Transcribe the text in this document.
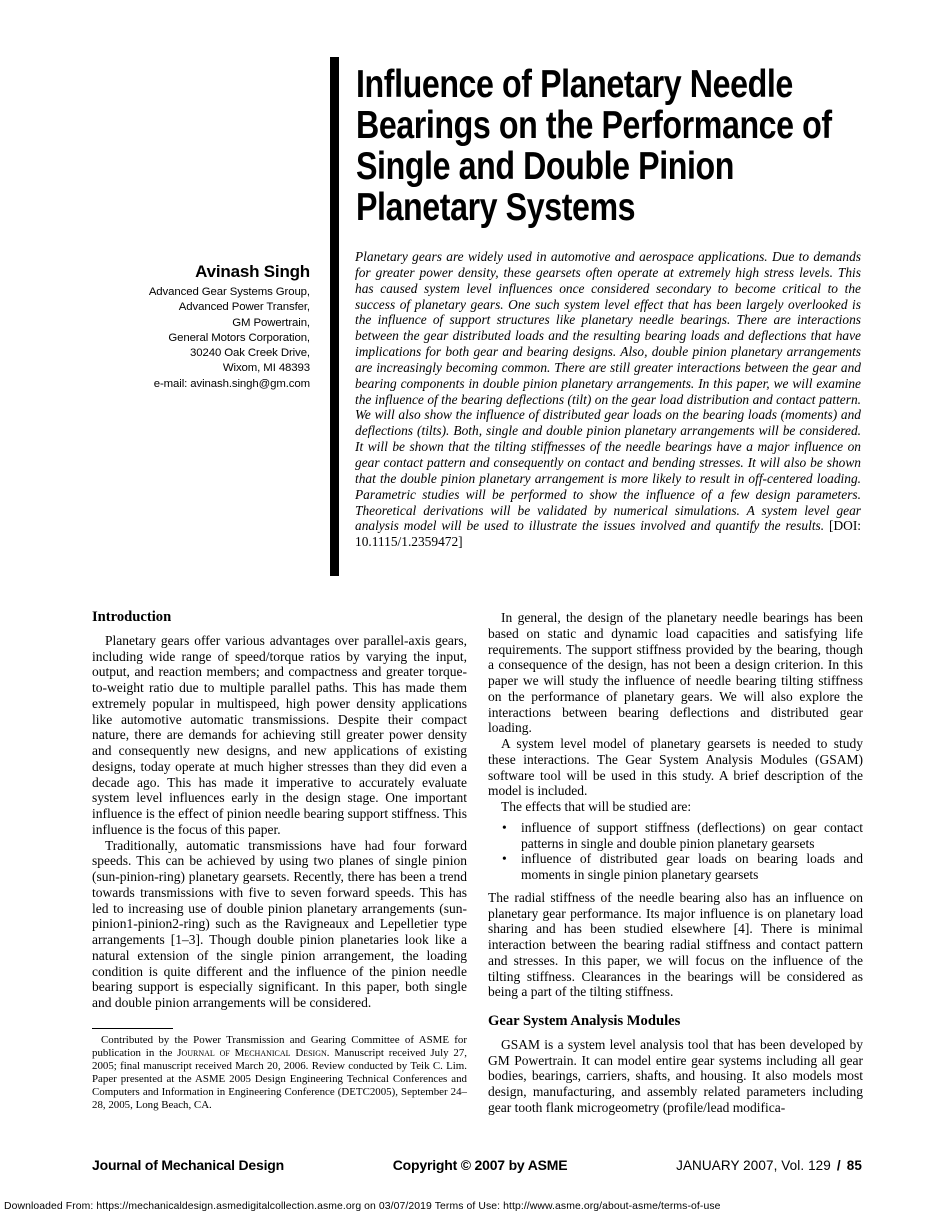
Influence of Planetary Needle
Bearings on the Performance of
Single and Double Pinion
Planetary Systems
Avinash Singh
Advanced Gear Systems Group,
Advanced Power Transfer,
GM Powertrain,
General Motors Corporation,
30240 Oak Creek Drive,
Wixom, MI 48393
e-mail: avinash.singh@gm.com
Planetary gears are widely used in automotive and aerospace applications. Due to demands for greater power density, these gearsets often operate at extremely high stress levels. This has caused system level influences once considered secondary to become critical to the success of planetary gears. One such system level effect that has been largely overlooked is the influence of support structures like planetary needle bearings. There are interactions between the gear distributed loads and the resulting bearing loads and deflections that have implications for both gear and bearing designs. Also, double pinion planetary arrangements are increasingly becoming common. There are still greater interactions between the gear and bearing components in double pinion planetary arrangements. In this paper, we will examine the influence of the bearing deflections (tilt) on the gear load distribution and contact pattern. We will also show the influence of distributed gear loads on the bearing loads (moments) and deflections (tilts). Both, single and double pinion planetary arrangements will be considered. It will be shown that the tilting stiffnesses of the needle bearings have a major influence on gear contact pattern and consequently on contact and bending stresses. It will also be shown that the double pinion planetary arrangement is more likely to result in off-centered loading. Parametric studies will be performed to show the influence of a few design parameters. Theoretical derivations will be validated by numerical simulations. A system level gear analysis model will be used to illustrate the issues involved and quantify the results. [DOI: 10.1115/1.2359472]
Introduction

Planetary gears offer various advantages over parallel-axis gears, including wide range of speed/torque ratios by varying the input, output, and reaction members; and compactness and greater torque-to-weight ratio due to multiple parallel paths. This has made them extremely popular in multispeed, high power density applications like automotive automatic transmissions. Despite their compact nature, there are demands for achieving still greater power density and consequently new designs, and new applications of existing designs, today operate at much higher stresses than they did even a decade ago. This has made it imperative to accurately evaluate system level influences early in the design stage. One important influence is the effect of pinion needle bearing support stiffness. This influence is the focus of this paper.

Traditionally, automatic transmissions have had four forward speeds. This can be achieved by using two planes of single pinion (sun-pinion-ring) planetary gearsets. Recently, there has been a trend towards transmissions with five to seven forward speeds. This has led to increasing use of double pinion planetary arrangements (sun-pinion1-pinion2-ring) such as the Ravigneaux and Lepelletier type arrangements [1–3]. Though double pinion planetaries look like a natural extension of the single pinion arrangement, the loading condition is quite different and the influence of the pinion needle bearing support is especially significant. In this paper, both single and double pinion arrangements will be considered.

Contributed by the Power Transmission and Gearing Committee of ASME for publication in the Journal of Mechanical Design. Manuscript received July 27, 2005; final manuscript received March 20, 2006. Review conducted by Teik C. Lim. Paper presented at the ASME 2005 Design Engineering Technical Conferences and Computers and Information in Engineering Conference (DETC2005), September 24–28, 2005, Long Beach, CA.

In general, the design of the planetary needle bearings has been based on static and dynamic load capacities and satisfying life requirements. The support stiffness provided by the bearing, though a consequence of the design, has not been a design criterion. In this paper we will study the influence of needle bearing tilting stiffness on the performance of planetary gears. We will also explore the interactions between bearing deflections and distributed gear loading.

A system level model of planetary gearsets is needed to study these interactions. The Gear System Analysis Modules (GSAM) software tool will be used in this study. A brief description of the model is included.

The effects that will be studied are:

• influence of support stiffness (deflections) on gear contact patterns in single and double pinion planetary gearsets
• influence of distributed gear loads on bearing loads and moments in single pinion planetary gearsets

The radial stiffness of the needle bearing also has an influence on planetary gear performance. Its major influence is on planetary load sharing and has been studied elsewhere [4]. There is minimal interaction between the bearing radial stiffness and contact pattern and stresses. In this paper, we will focus on the influence of the tilting stiffness. Clearances in the bearings will be considered as being a part of the tilting stiffness.

Gear System Analysis Modules

GSAM is a system level analysis tool that has been developed by GM Powertrain. It can model entire gear systems including all gear bodies, bearings, carriers, shafts, and housing. It also models most design, manufacturing, and assembly related parameters including gear tooth flank microgeometry (profile/lead modifica-

Journal of Mechanical Design	Copyright © 2007 by ASME	JANUARY 2007, Vol. 129 / 85
Downloaded From: https://mechanicaldesign.asmedigitalcollection.asme.org on 03/07/2019 Terms of Use: http://www.asme.org/about-asme/terms-of-use
